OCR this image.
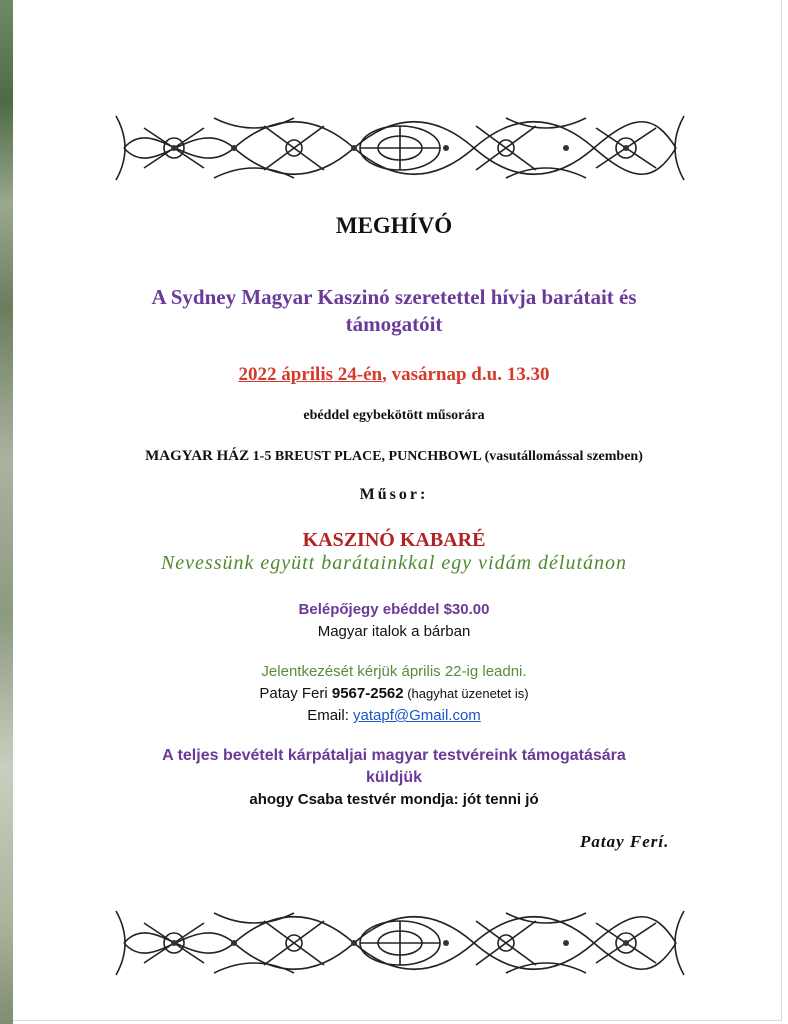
MEGHÍVÓ
A Sydney Magyar Kaszinó szeretettel hívja barátait és
támogatóit
2022 április 24-én, vasárnap d.u. 13.30
ebéddel egybekötött műsorára
MAGYAR HÁZ 1-5 BREUST PLACE, PUNCHBOWL (vasutállomással szemben)
Műsor:
KASZINÓ KABARÉ
Nevessünk együtt barátainkkal egy vidám délutánon
Belépőjegy ebéddel $30.00
Magyar italok a bárban
Jelentkezését kérjük április 22-ig leadni.
Patay Feri 9567-2562 (hagyhat üzenetet is)
Email: yatapf@Gmail.com
A teljes bevételt kárpátaljai magyar testvéreink támogatására
küldjük
ahogy Csaba testvér mondja: jót tenni jó
Patay Ferí.
